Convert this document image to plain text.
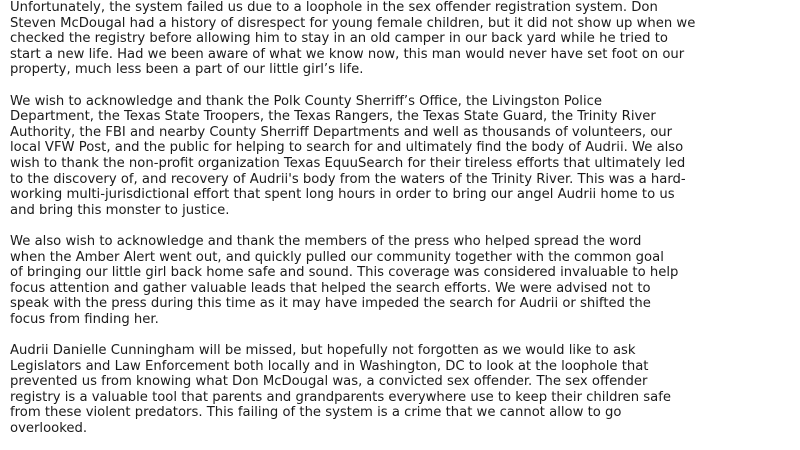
Unfortunately, the system failed us due to a loophole in the sex offender registration system. Don
Steven McDougal had a history of disrespect for young female children, but it did not show up when we
checked the registry before allowing him to stay in an old camper in our back yard while he tried to
start a new life. Had we been aware of what we know now, this man would never have set foot on our
property, much less been a part of our little girl’s life.

We wish to acknowledge and thank the Polk County Sherriff’s Office, the Livingston Police
Department, the Texas State Troopers, the Texas Rangers, the Texas State Guard, the Trinity River
Authority, the FBI and nearby County Sherriff Departments and well as thousands of volunteers, our
local VFW Post, and the public for helping to search for and ultimately find the body of Audrii. We also
wish to thank the non-profit organization Texas EquuSearch for their tireless efforts that ultimately led
to the discovery of, and recovery of Audrii's body from the waters of the Trinity River. This was a hard-
working multi-jurisdictional effort that spent long hours in order to bring our angel Audrii home to us
and bring this monster to justice.

We also wish to acknowledge and thank the members of the press who helped spread the word
when the Amber Alert went out, and quickly pulled our community together with the common goal
of bringing our little girl back home safe and sound. This coverage was considered invaluable to help
focus attention and gather valuable leads that helped the search efforts. We were advised not to
speak with the press during this time as it may have impeded the search for Audrii or shifted the
focus from finding her.

Audrii Danielle Cunningham will be missed, but hopefully not forgotten as we would like to ask
Legislators and Law Enforcement both locally and in Washington, DC to look at the loophole that
prevented us from knowing what Don McDougal was, a convicted sex offender. The sex offender
registry is a valuable tool that parents and grandparents everywhere use to keep their children safe
from these violent predators. This failing of the system is a crime that we cannot allow to go
overlooked.
